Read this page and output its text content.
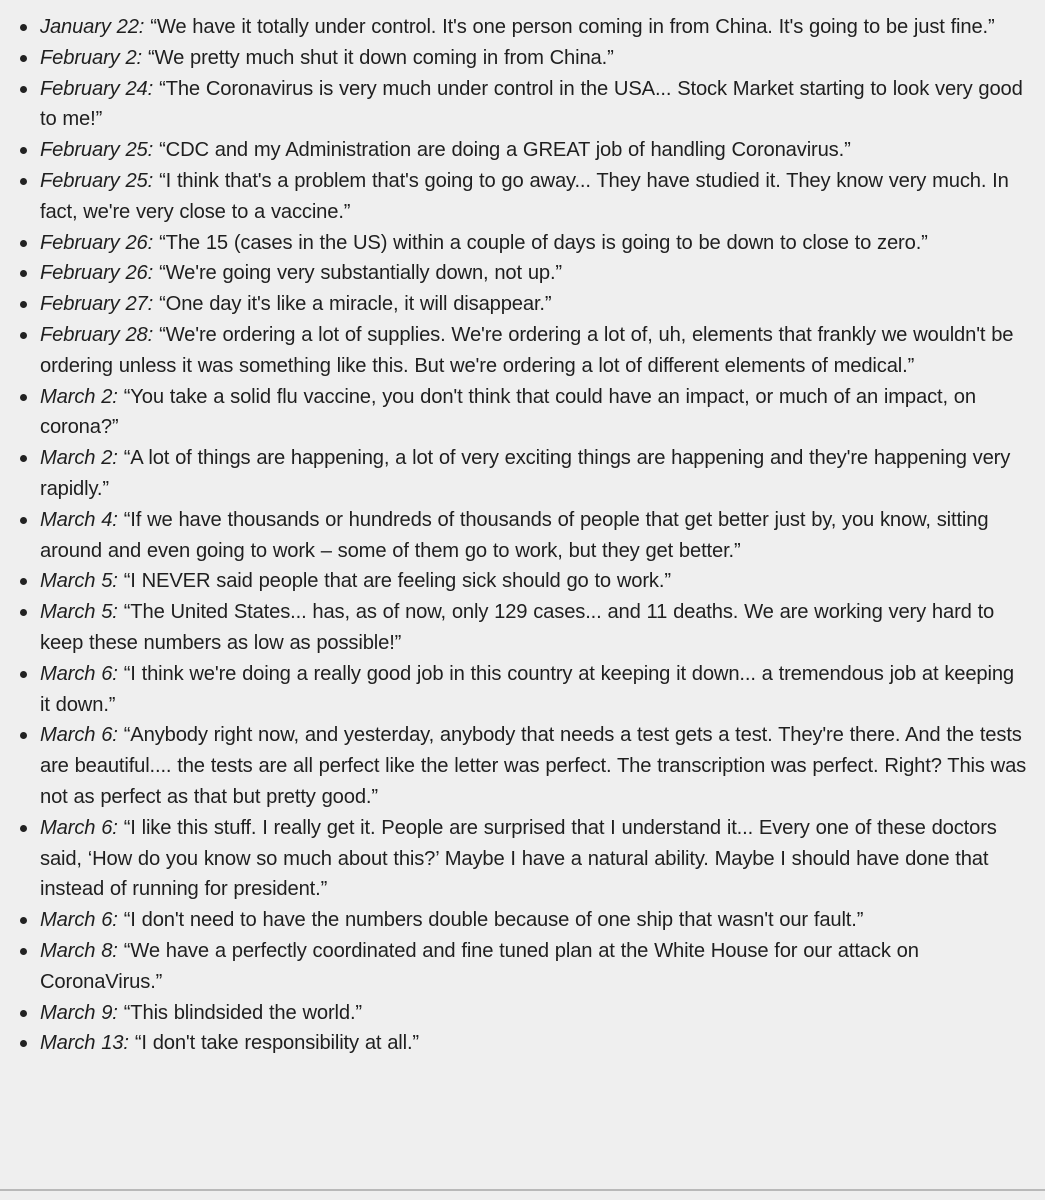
January 22: “We have it totally under control. It's one person coming in from China. It's going to be just fine.”
February 2: “We pretty much shut it down coming in from China.”
February 24: “The Coronavirus is very much under control in the USA... Stock Market starting to look very good to me!”
February 25: “CDC and my Administration are doing a GREAT job of handling Coronavirus.”
February 25: “I think that's a problem that's going to go away... They have studied it. They know very much. In fact, we're very close to a vaccine.”
February 26: “The 15 (cases in the US) within a couple of days is going to be down to close to zero.”
February 26: “We're going very substantially down, not up.”
February 27: “One day it's like a miracle, it will disappear.”
February 28: “We're ordering a lot of supplies. We're ordering a lot of, uh, elements that frankly we wouldn't be ordering unless it was something like this. But we're ordering a lot of different elements of medical.”
March 2: “You take a solid flu vaccine, you don't think that could have an impact, or much of an impact, on corona?”
March 2: “A lot of things are happening, a lot of very exciting things are happening and they're happening very rapidly.”
March 4: “If we have thousands or hundreds of thousands of people that get better just by, you know, sitting around and even going to work – some of them go to work, but they get better.”
March 5: “I NEVER said people that are feeling sick should go to work.”
March 5: “The United States... has, as of now, only 129 cases... and 11 deaths. We are working very hard to keep these numbers as low as possible!”
March 6: “I think we're doing a really good job in this country at keeping it down... a tremendous job at keeping it down.”
March 6: “Anybody right now, and yesterday, anybody that needs a test gets a test. They're there. And the tests are beautiful.... the tests are all perfect like the letter was perfect. The transcription was perfect. Right? This was not as perfect as that but pretty good.”
March 6: “I like this stuff. I really get it. People are surprised that I understand it... Every one of these doctors said, ‘How do you know so much about this?’ Maybe I have a natural ability. Maybe I should have done that instead of running for president.”
March 6: “I don't need to have the numbers double because of one ship that wasn't our fault.”
March 8: “We have a perfectly coordinated and fine tuned plan at the White House for our attack on CoronaVirus.”
March 9: “This blindsided the world.”
March 13: “I don't take responsibility at all.”
